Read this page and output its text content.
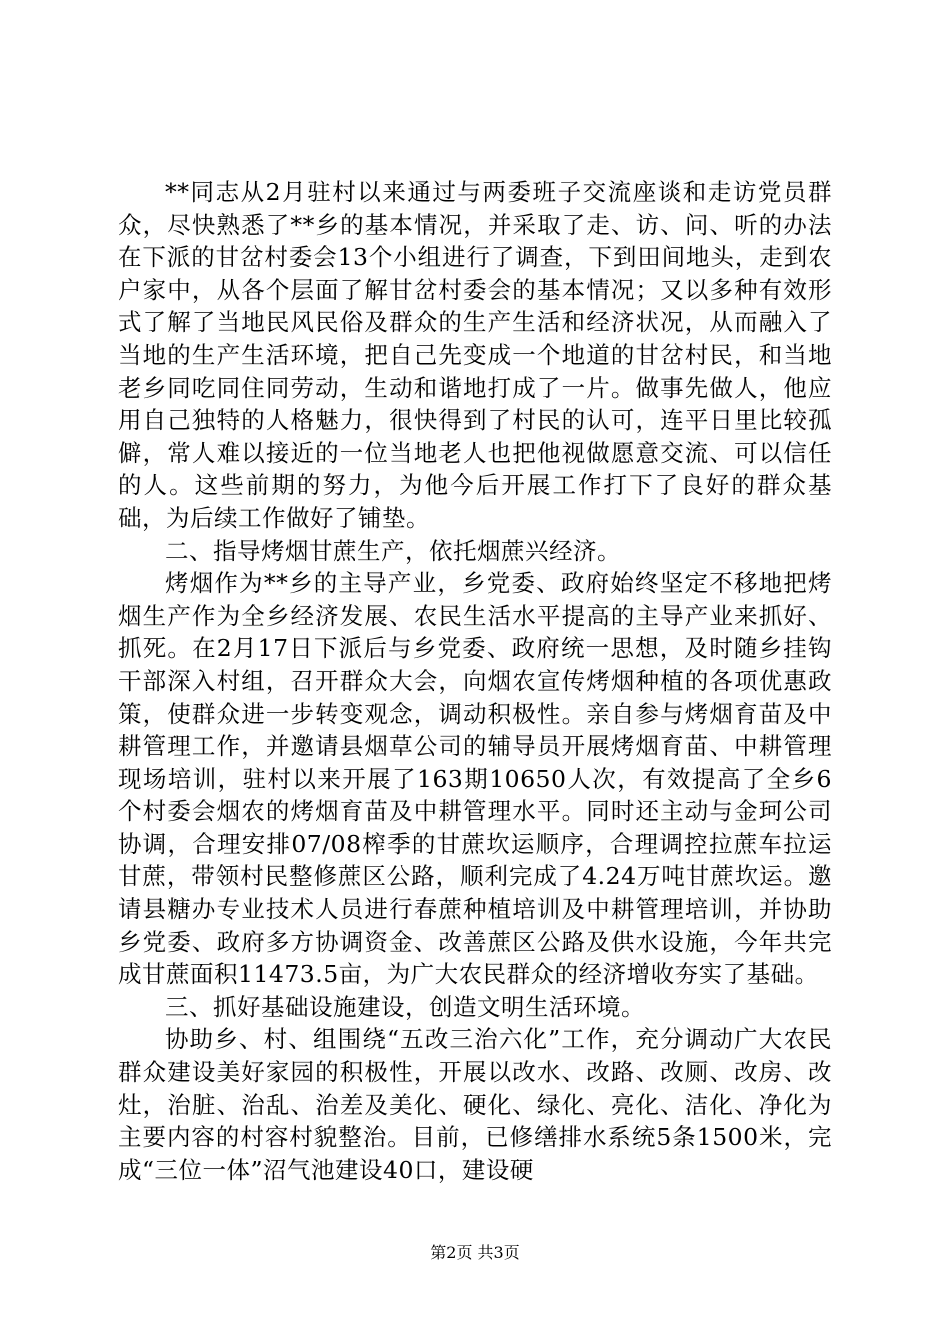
**同志从2月驻村以来通过与两委班子交流座谈和走访党员群众，尽快熟悉了**乡的基本情况，并采取了走、访、问、听的办法在下派的甘岔村委会13个小组进行了调查，下到田间地头，走到农户家中，从各个层面了解甘岔村委会的基本情况；又以多种有效形式了解了当地民风民俗及群众的生产生活和经济状况，从而融入了当地的生产生活环境，把自己先变成一个地道的甘岔村民，和当地老乡同吃同住同劳动，生动和谐地打成了一片。做事先做人，他应用自己独特的人格魅力，很快得到了村民的认可，连平日里比较孤僻，常人难以接近的一位当地老人也把他视做愿意交流、可以信任的人。这些前期的努力，为他今后开展工作打下了良好的群众基础，为后续工作做好了铺垫。

二、指导烤烟甘蔗生产，依托烟蔗兴经济。

烤烟作为**乡的主导产业，乡党委、政府始终坚定不移地把烤烟生产作为全乡经济发展、农民生活水平提高的主导产业来抓好、抓死。在2月17日下派后与乡党委、政府统一思想，及时随乡挂钩干部深入村组，召开群众大会，向烟农宣传烤烟种植的各项优惠政策，使群众进一步转变观念，调动积极性。亲自参与烤烟育苗及中耕管理工作，并邀请县烟草公司的辅导员开展烤烟育苗、中耕管理现场培训，驻村以来开展了163期10650人次，有效提高了全乡6个村委会烟农的烤烟育苗及中耕管理水平。同时还主动与金珂公司协调，合理安排07/08榨季的甘蔗坎运顺序，合理调控拉蔗车拉运甘蔗，带领村民整修蔗区公路，顺利完成了4.24万吨甘蔗坎运。邀请县糖办专业技术人员进行春蔗种植培训及中耕管理培训，并协助乡党委、政府多方协调资金、改善蔗区公路及供水设施，今年共完成甘蔗面积11473.5亩，为广大农民群众的经济增收夯实了基础。

三、抓好基础设施建设，创造文明生活环境。

协助乡、村、组围绕“五改三治六化”工作，充分调动广大农民群众建设美好家园的积极性，开展以改水、改路、改厕、改房、改灶，治脏、治乱、治差及美化、硬化、绿化、亮化、洁化、净化为主要内容的村容村貌整治。目前，已修缮排水系统5条1500米，完成“三位一体”沼气池建设40口，建设硬

第2页 共3页
